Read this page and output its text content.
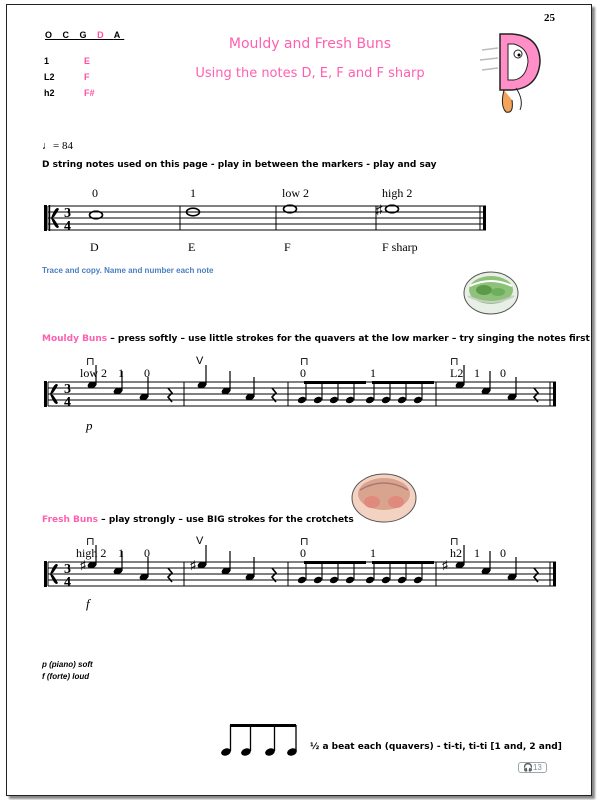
25
O C G D A
1	E
L2	F
h2	F#
Mouldy and Fresh Buns
Using the notes D, E, F and F sharp
♩= 84
D string notes used on this page - play in between the markers - play and say
0	1	low 2	high 2
3
4
♯
D	E	F	F sharp
Trace and copy. Name and number each note
Mouldy Buns – press softly – use little strokes for the quavers at the low marker – try singing the notes first
3
4
low 2 1 0	0	1	L2 1 0
⊓	V	⊓	⊓
p
Fresh Buns – play strongly – use BIG strokes for the crotchets
3
4
♯	♯	♯
high 2 1 0	0	1	h2 1 0
⊓	V	⊓	⊓
f
p (piano) soft
f (forte) loud
½ a beat each (quavers) - ti-ti, ti-ti [1 and, 2 and]
🎧13
